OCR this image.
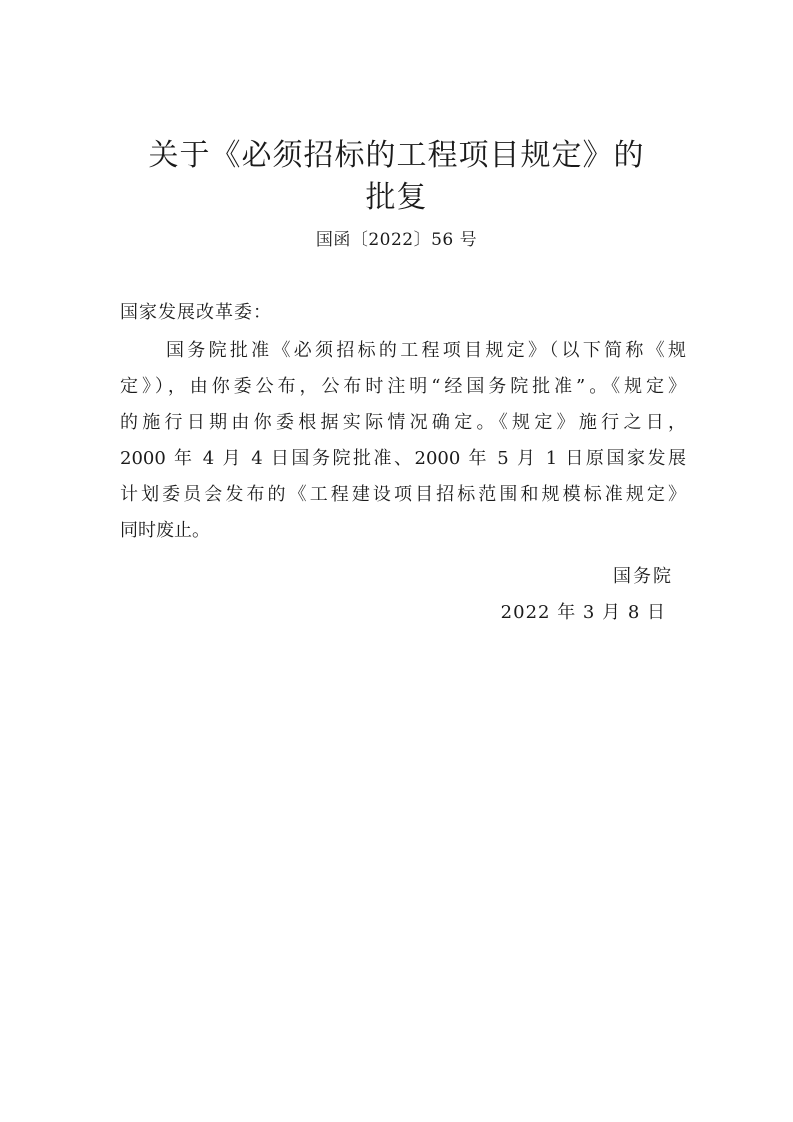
关于《必须招标的工程项目规定》的
批复
国函〔2022〕56 号
国家发展改革委：
国务院批准《必须招标的工程项目规定》（以下简称《规
定》），由你委公布，公布时注明“经国务院批准”。《规定》
的施行日期由你委根据实际情况确定。《规定》施行之日，
2000 年 4 月 4 日国务院批准、2000 年 5 月 1 日原国家发展
计划委员会发布的《工程建设项目招标范围和规模标准规定》
同时废止。
国务院
2022 年 3 月 8 日
